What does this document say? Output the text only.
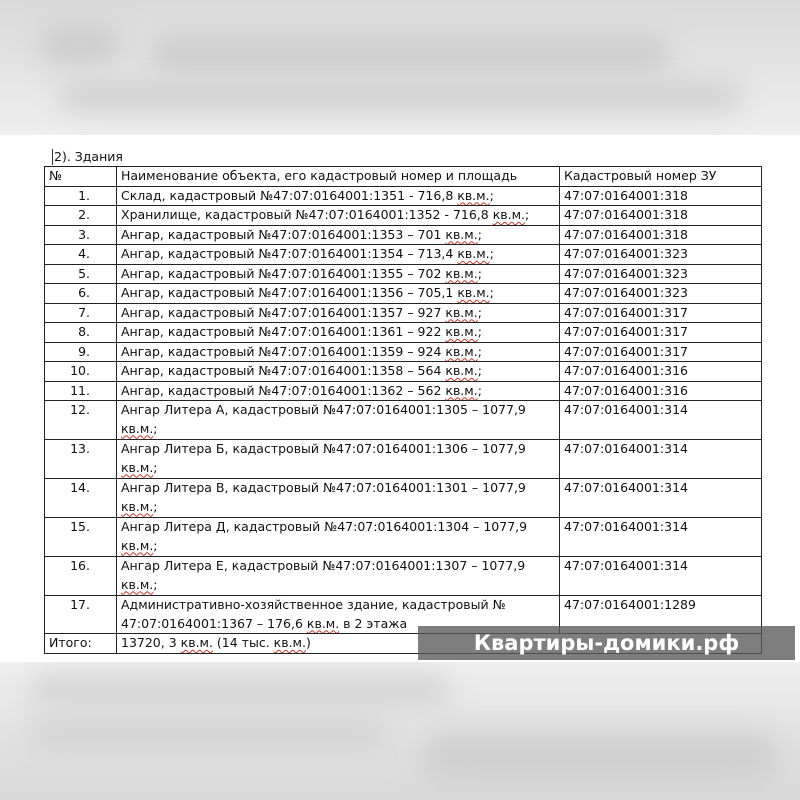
2). Здания
№	Наименование объекта, его кадастровый номер и площадь	Кадастровый номер ЗУ
1.	Склад, кадастровый №47:07:0164001:1351 - 716,8 кв.м.;	47:07:0164001:318
2.	Хранилище, кадастровый №47:07:0164001:1352 - 716,8 кв.м.;	47:07:0164001:318
3.	Ангар, кадастровый №47:07:0164001:1353 – 701 кв.м.;	47:07:0164001:318
4.	Ангар, кадастровый №47:07:0164001:1354 – 713,4 кв.м.;	47:07:0164001:323
5.	Ангар, кадастровый №47:07:0164001:1355 – 702 кв.м.;	47:07:0164001:323
6.	Ангар, кадастровый №47:07:0164001:1356 – 705,1 кв.м.;	47:07:0164001:323
7.	Ангар, кадастровый №47:07:0164001:1357 – 927 кв.м.;	47:07:0164001:317
8.	Ангар, кадастровый №47:07:0164001:1361 – 922 кв.м.;	47:07:0164001:317
9.	Ангар, кадастровый №47:07:0164001:1359 – 924 кв.м.;	47:07:0164001:317
10.	Ангар, кадастровый №47:07:0164001:1358 – 564 кв.м.;	47:07:0164001:316
11.	Ангар, кадастровый №47:07:0164001:1362 – 562 кв.м.;	47:07:0164001:316
12.	Ангар Литера А, кадастровый №47:07:0164001:1305 – 1077,9 кв.м.;	47:07:0164001:314
13.	Ангар Литера Б, кадастровый №47:07:0164001:1306 – 1077,9 кв.м.;	47:07:0164001:314
14.	Ангар Литера В, кадастровый №47:07:0164001:1301 – 1077,9 кв.м.;	47:07:0164001:314
15.	Ангар Литера Д, кадастровый №47:07:0164001:1304 – 1077,9 кв.м.;	47:07:0164001:314
16.	Ангар Литера Е, кадастровый №47:07:0164001:1307 – 1077,9 кв.м.;	47:07:0164001:314
17.	Административно-хозяйственное здание, кадастровый № 47:07:0164001:1367 – 176,6 кв.м. в 2 этажа	47:07:0164001:1289
Итого:	13720, 3 кв.м. (14 тыс. кв.м.)		Квартиры-домики.рф
